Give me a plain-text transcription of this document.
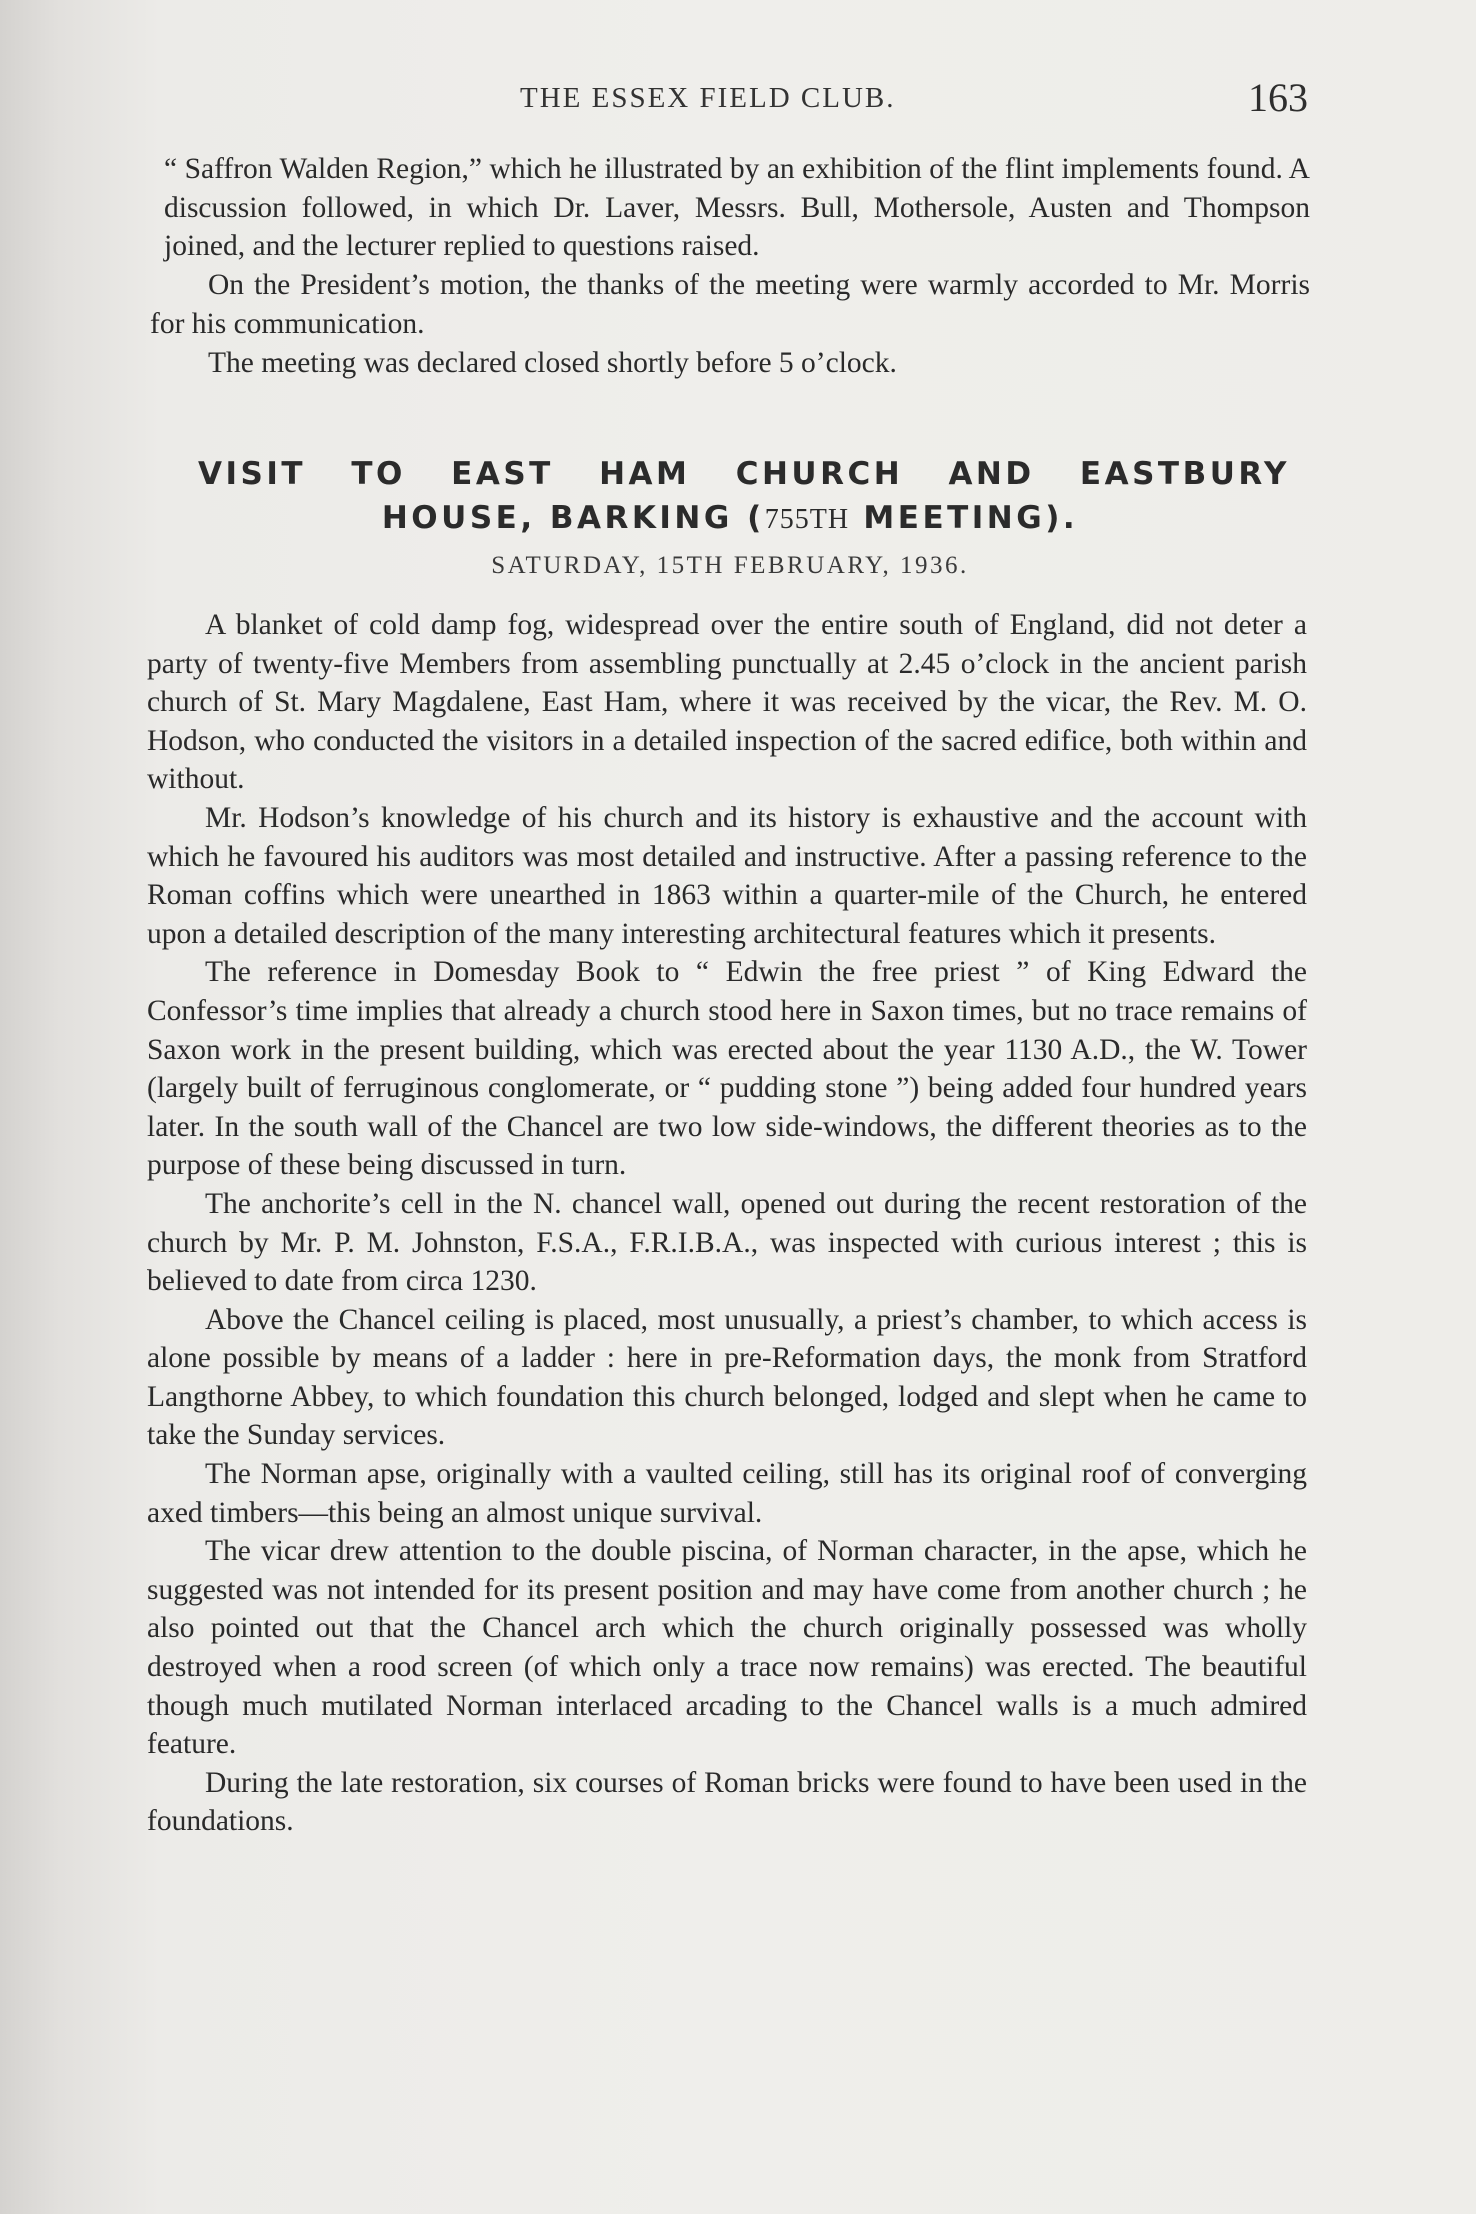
THE ESSEX FIELD CLUB.	163

“ Saffron Walden Region,” which he illustrated by an exhibition of the flint implements found. A discussion followed, in which Dr. Laver, Messrs. Bull, Mothersole, Austen and Thompson joined, and the lecturer replied to questions raised.

On the President’s motion, the thanks of the meeting were warmly accorded to Mr. Morris for his communication.

The meeting was declared closed shortly before 5 o’clock.

VISIT TO EAST HAM CHURCH AND EASTBURY
HOUSE, BARKING (755TH MEETING).
SATURDAY, 15TH FEBRUARY, 1936.

A blanket of cold damp fog, widespread over the entire south of England, did not deter a party of twenty-five Members from assembling punctually at 2.45 o’clock in the ancient parish church of St. Mary Magdalene, East Ham, where it was received by the vicar, the Rev. M. O. Hodson, who conducted the visitors in a detailed inspection of the sacred edifice, both within and without.

Mr. Hodson’s knowledge of his church and its history is exhaustive and the account with which he favoured his auditors was most detailed and instructive. After a passing reference to the Roman coffins which were unearthed in 1863 within a quarter-mile of the Church, he entered upon a detailed description of the many interesting architectural features which it presents.

The reference in Domesday Book to “ Edwin the free priest ” of King Edward the Confessor’s time implies that already a church stood here in Saxon times, but no trace remains of Saxon work in the present building, which was erected about the year 1130 A.D., the W. Tower (largely built of ferruginous conglomerate, or “ pudding stone ”) being added four hundred years later. In the south wall of the Chancel are two low side-windows, the different theories as to the purpose of these being discussed in turn.

The anchorite’s cell in the N. chancel wall, opened out during the recent restoration of the church by Mr. P. M. Johnston, F.S.A., F.R.I.B.A., was inspected with curious interest ; this is believed to date from circa 1230.

Above the Chancel ceiling is placed, most unusually, a priest’s chamber, to which access is alone possible by means of a ladder : here in pre-Reformation days, the monk from Stratford Langthorne Abbey, to which foundation this church belonged, lodged and slept when he came to take the Sunday services.

The Norman apse, originally with a vaulted ceiling, still has its original roof of converging axed timbers—this being an almost unique survival.

The vicar drew attention to the double piscina, of Norman character, in the apse, which he suggested was not intended for its present position and may have come from another church ; he also pointed out that the Chancel arch which the church originally possessed was wholly destroyed when a rood screen (of which only a trace now remains) was erected. The beautiful though much mutilated Norman interlaced arcading to the Chancel walls is a much admired feature.

During the late restoration, six courses of Roman bricks were found to have been used in the foundations.
